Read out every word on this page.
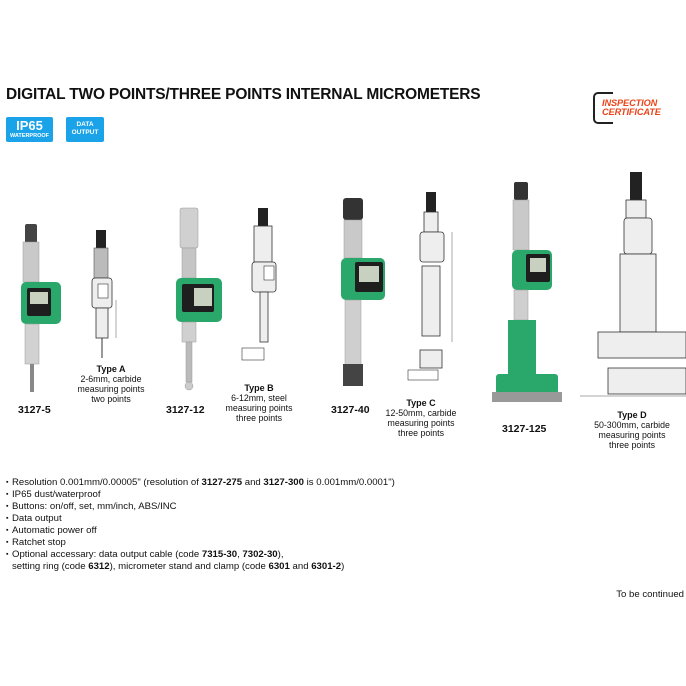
DIGITAL TWO POINTS/THREE POINTS INTERNAL MICROMETERS
IP65
WATERPROOF
DATA
OUTPUT
INSPECTION
CERTIFICATE
3127-5	3127-12	3127-40
3127-125
Type A
2-6mm, carbide
measuring points
two points
Type B
6-12mm, steel
measuring points
three points
Type C
12-50mm, carbide
measuring points
three points
Type D
50-300mm, carbide
measuring points
three points
▪ Resolution 0.001mm/0.00005" (resolution of 3127-275 and 3127-300 is 0.001mm/0.0001")
▪ IP65 dust/waterproof
▪ Buttons: on/off, set, mm/inch, ABS/INC
▪ Data output
▪ Automatic power off
▪ Ratchet stop
▪ Optional accessary: data output cable (code 7315-30, 7302-30),
setting ring (code 6312), micrometer stand and clamp (code 6301 and 6301-2)
To be continued
